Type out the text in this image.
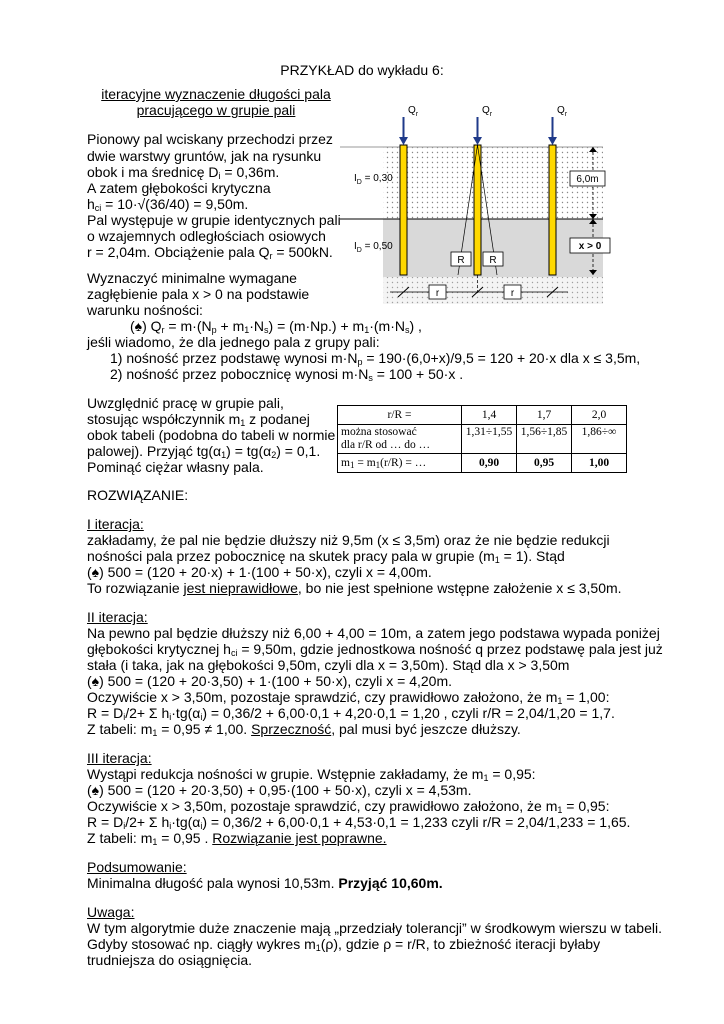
PRZYKŁAD do wykładu 6:
iteracyjne wyznaczenie długości pala
pracującego w grupie pali
Pionowy pal wciskany przechodzi przez
dwie warstwy gruntów, jak na rysunku
obok i ma średnicę $D_i = 0,36m$.
A zatem głębokości krytyczna
$h_{ci} = 10\cdot√(36/40) = 9,50m$.
Pal występuje w grupie identycznych pali
o wzajemnych odległościach osiowych
r = 2,04m. Obciążenie pala $Q_r = 500kN$.
Wyznaczyć minimalne wymagane
zagłębienie pala x > 0 na podstawie
warunku nośności:
(♠) $Q_r = m\cdot(N_p + m_1\cdot N_s) = (m\cdot Np.) + m_1\cdot(m\cdot N_s)$ ,
jeśli wiadomo, że dla jednego pala z grupy pali:
1) nośność przez podstawę wynosi $m\cdot N_p = 190\cdot(6,0+x)/9,5 = 120 + 20\cdot x$ dla x ≤ 3,5m,
2) nośność przez pobocznicę wynosi $m\cdot N_s = 100 + 50\cdot x$ .
Uwzględnić pracę w grupie pali,
stosując współczynnik $m_1$ z podanej
obok tabeli (podobna do tabeli w normie
palowej). Przyjąć $tg(\alpha_1) = tg(\alpha_2) = 0,1$.
Pominąć ciężar własny pala.
r/R =	1,4	1,7	2,0
można stosować
dla r/R od … do …	1,31÷1,55	1,56÷1,85	1,86÷∞
$m_1 = m_1(r/R)$ = …	0,90	0,95	1,00
$Q_r$	$Q_r$	$Q_r$
$I_D = 0,30$
$I_D = 0,50$
6,0m
x > 0
R R
r	r
ROZWIĄZANIE:
I iteracja:
zakładamy, że pal nie będzie dłuższy niż 9,5m (x ≤ 3,5m) oraz że nie będzie redukcji
nośności pala przez pobocznicę na skutek pracy pala w grupie $(m_1 = 1)$. Stąd
(♠) 500 = (120 + 20·x) + 1·(100 + 50·x), czyli x = 4,00m.
To rozwiązanie jest nieprawidłowe, bo nie jest spełnione wstępne założenie x ≤ 3,50m.
II iteracja:
Na pewno pal będzie dłuższy niż 6,00 + 4,00 = 10m, a zatem jego podstawa wypada poniżej
głębokości krytycznej $h_{ci} = 9,50m$, gdzie jednostkowa nośność q przez podstawę pala jest już
stała (i taka, jak na głębokości 9,50m, czyli dla x = 3,50m). Stąd dla x > 3,50m
(♠) 500 = (120 + 20·3,50) + 1·(100 + 50·x), czyli x = 4,20m.
Oczywiście x > 3,50m, pozostaje sprawdzić, czy prawidłowo założono, że $m_1 = 1,00$:
$R = D_i/2+ \Sigma$ $h_i\cdot tg(\alpha_i) = 0,36/2 + 6,00\cdot 0,1 + 4,20\cdot 0,1 = 1,20$ , czyli r/R = 2,04/1,20 = 1,7.
Z tabeli: $m_1 = 0,95 \ne 1,00$. Sprzeczność, pal musi być jeszcze dłuższy.
III iteracja:
Wystąpi redukcja nośności w grupie. Wstępnie zakładamy, że $m_1 = 0,95$:
(♠) 500 = (120 + 20·3,50) + 0,95·(100 + 50·x), czyli x = 4,53m.
Oczywiście x > 3,50m, pozostaje sprawdzić, czy prawidłowo założono, że $m_1 = 0,95$:
$R = D_i/2+ \Sigma$ $h_i\cdot tg(\alpha_i) = 0,36/2 + 6,00\cdot 0,1 + 4,53\cdot 0,1 = 1,233$ czyli r/R = 2,04/1,233 = 1,65.
Z tabeli: $m_1 = 0,95$ . Rozwiązanie jest poprawne.
Podsumowanie:
Minimalna długość pala wynosi 10,53m. Przyjąć 10,60m.
Uwaga:
W tym algorytmie duże znaczenie mają „przedziały tolerancji” w środkowym wierszu w tabeli.
Gdyby stosować np. ciągły wykres $m_1(\rho)$, gdzie ρ = r/R, to zbieżność iteracji byłaby
trudniejsza do osiągnięcia.
